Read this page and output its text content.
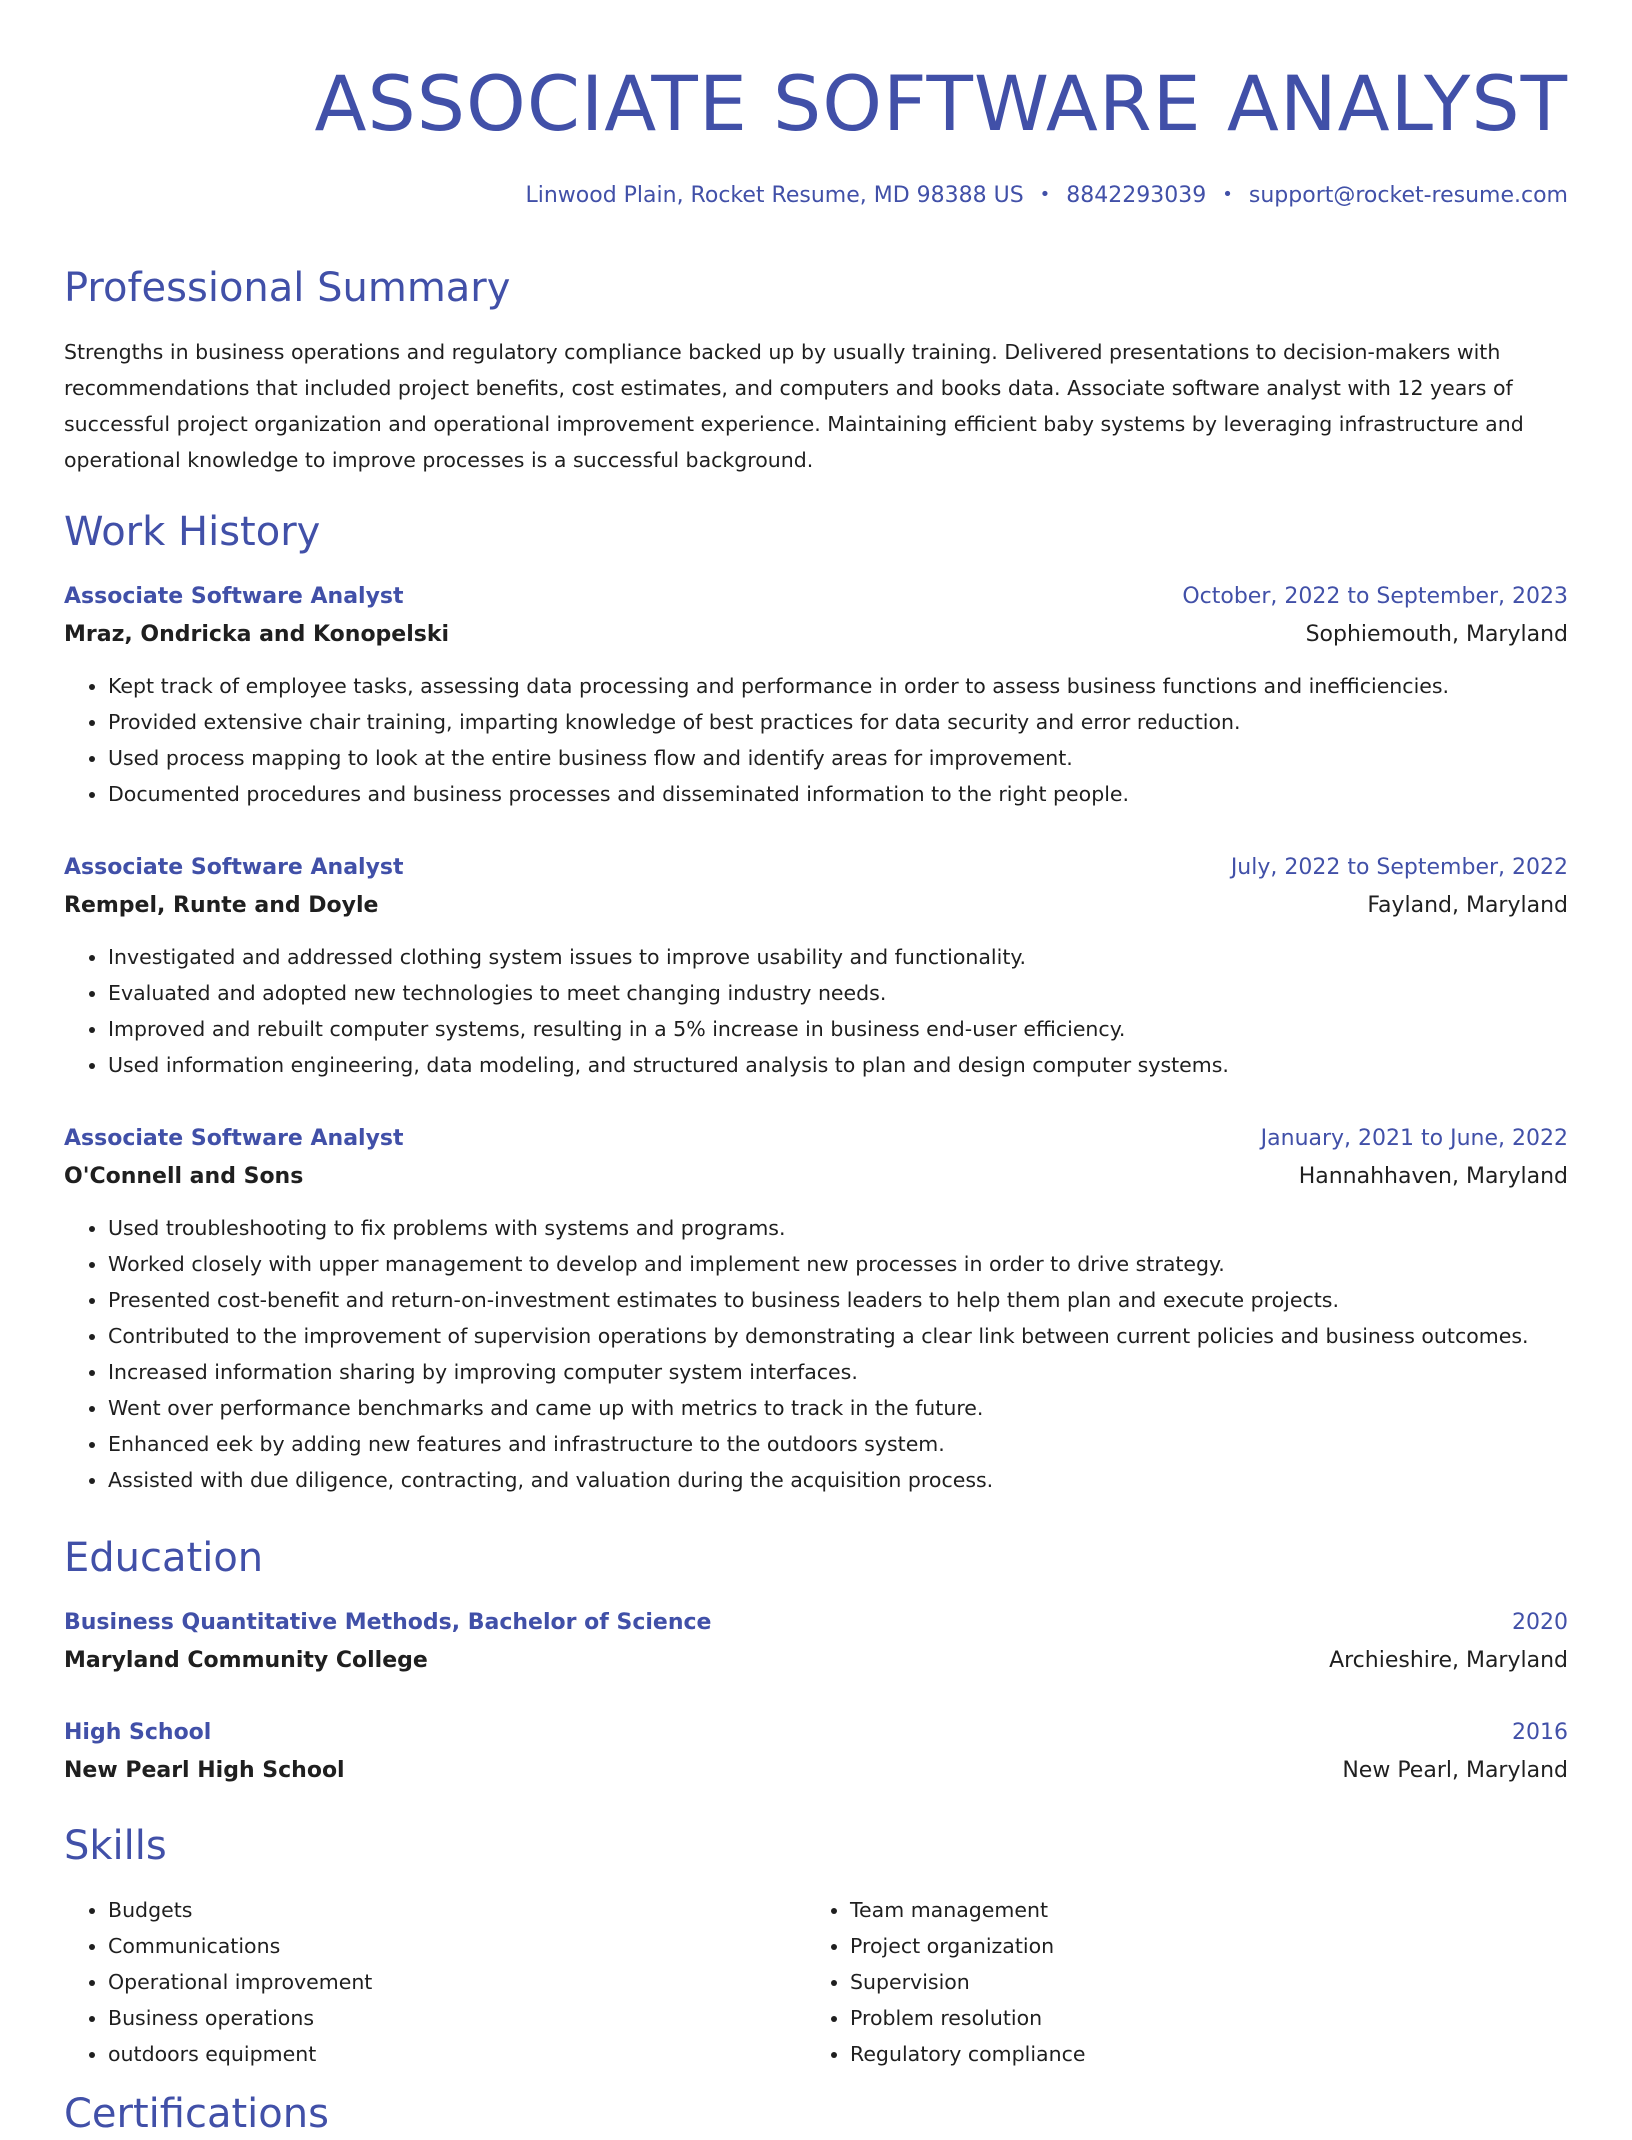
ASSOCIATE SOFTWARE ANALYST
Linwood Plain, Rocket Resume, MD 98388 US • 8842293039 • support@rocket-resume.com
Professional Summary

Strengths in business operations and regulatory compliance backed up by usually training. Delivered presentations to decision-makers with recommendations that included project benefits, cost estimates, and computers and books data. Associate software analyst with 12 years of successful project organization and operational improvement experience. Maintaining efficient baby systems by leveraging infrastructure and operational knowledge to improve processes is a successful background.

Work History
Associate Software Analyst	October, 2022 to September, 2023
Mraz, Ondricka and Konopelski	Sophiemouth, Maryland
• Kept track of employee tasks, assessing data processing and performance in order to assess business functions and inefficiencies.
• Provided extensive chair training, imparting knowledge of best practices for data security and error reduction.
• Used process mapping to look at the entire business flow and identify areas for improvement.
• Documented procedures and business processes and disseminated information to the right people.
Associate Software Analyst	July, 2022 to September, 2022
Rempel, Runte and Doyle	Fayland, Maryland
• Investigated and addressed clothing system issues to improve usability and functionality.
• Evaluated and adopted new technologies to meet changing industry needs.
• Improved and rebuilt computer systems, resulting in a 5% increase in business end-user efficiency.
• Used information engineering, data modeling, and structured analysis to plan and design computer systems.
Associate Software Analyst	January, 2021 to June, 2022
O'Connell and Sons	Hannahhaven, Maryland
• Used troubleshooting to fix problems with systems and programs.
• Worked closely with upper management to develop and implement new processes in order to drive strategy.
• Presented cost-benefit and return-on-investment estimates to business leaders to help them plan and execute projects.
• Contributed to the improvement of supervision operations by demonstrating a clear link between current policies and business outcomes.
• Increased information sharing by improving computer system interfaces.
• Went over performance benchmarks and came up with metrics to track in the future.
• Enhanced eek by adding new features and infrastructure to the outdoors system.
• Assisted with due diligence, contracting, and valuation during the acquisition process.
Education
Business Quantitative Methods, Bachelor of Science	2020
Maryland Community College	Archieshire, Maryland
High School	2016
New Pearl High School	New Pearl, Maryland
Skills
• Budgets
• Communications
• Operational improvement
• Business operations
• outdoors equipment
• Team management
• Project organization
• Supervision
• Problem resolution
• Regulatory compliance
Certifications
